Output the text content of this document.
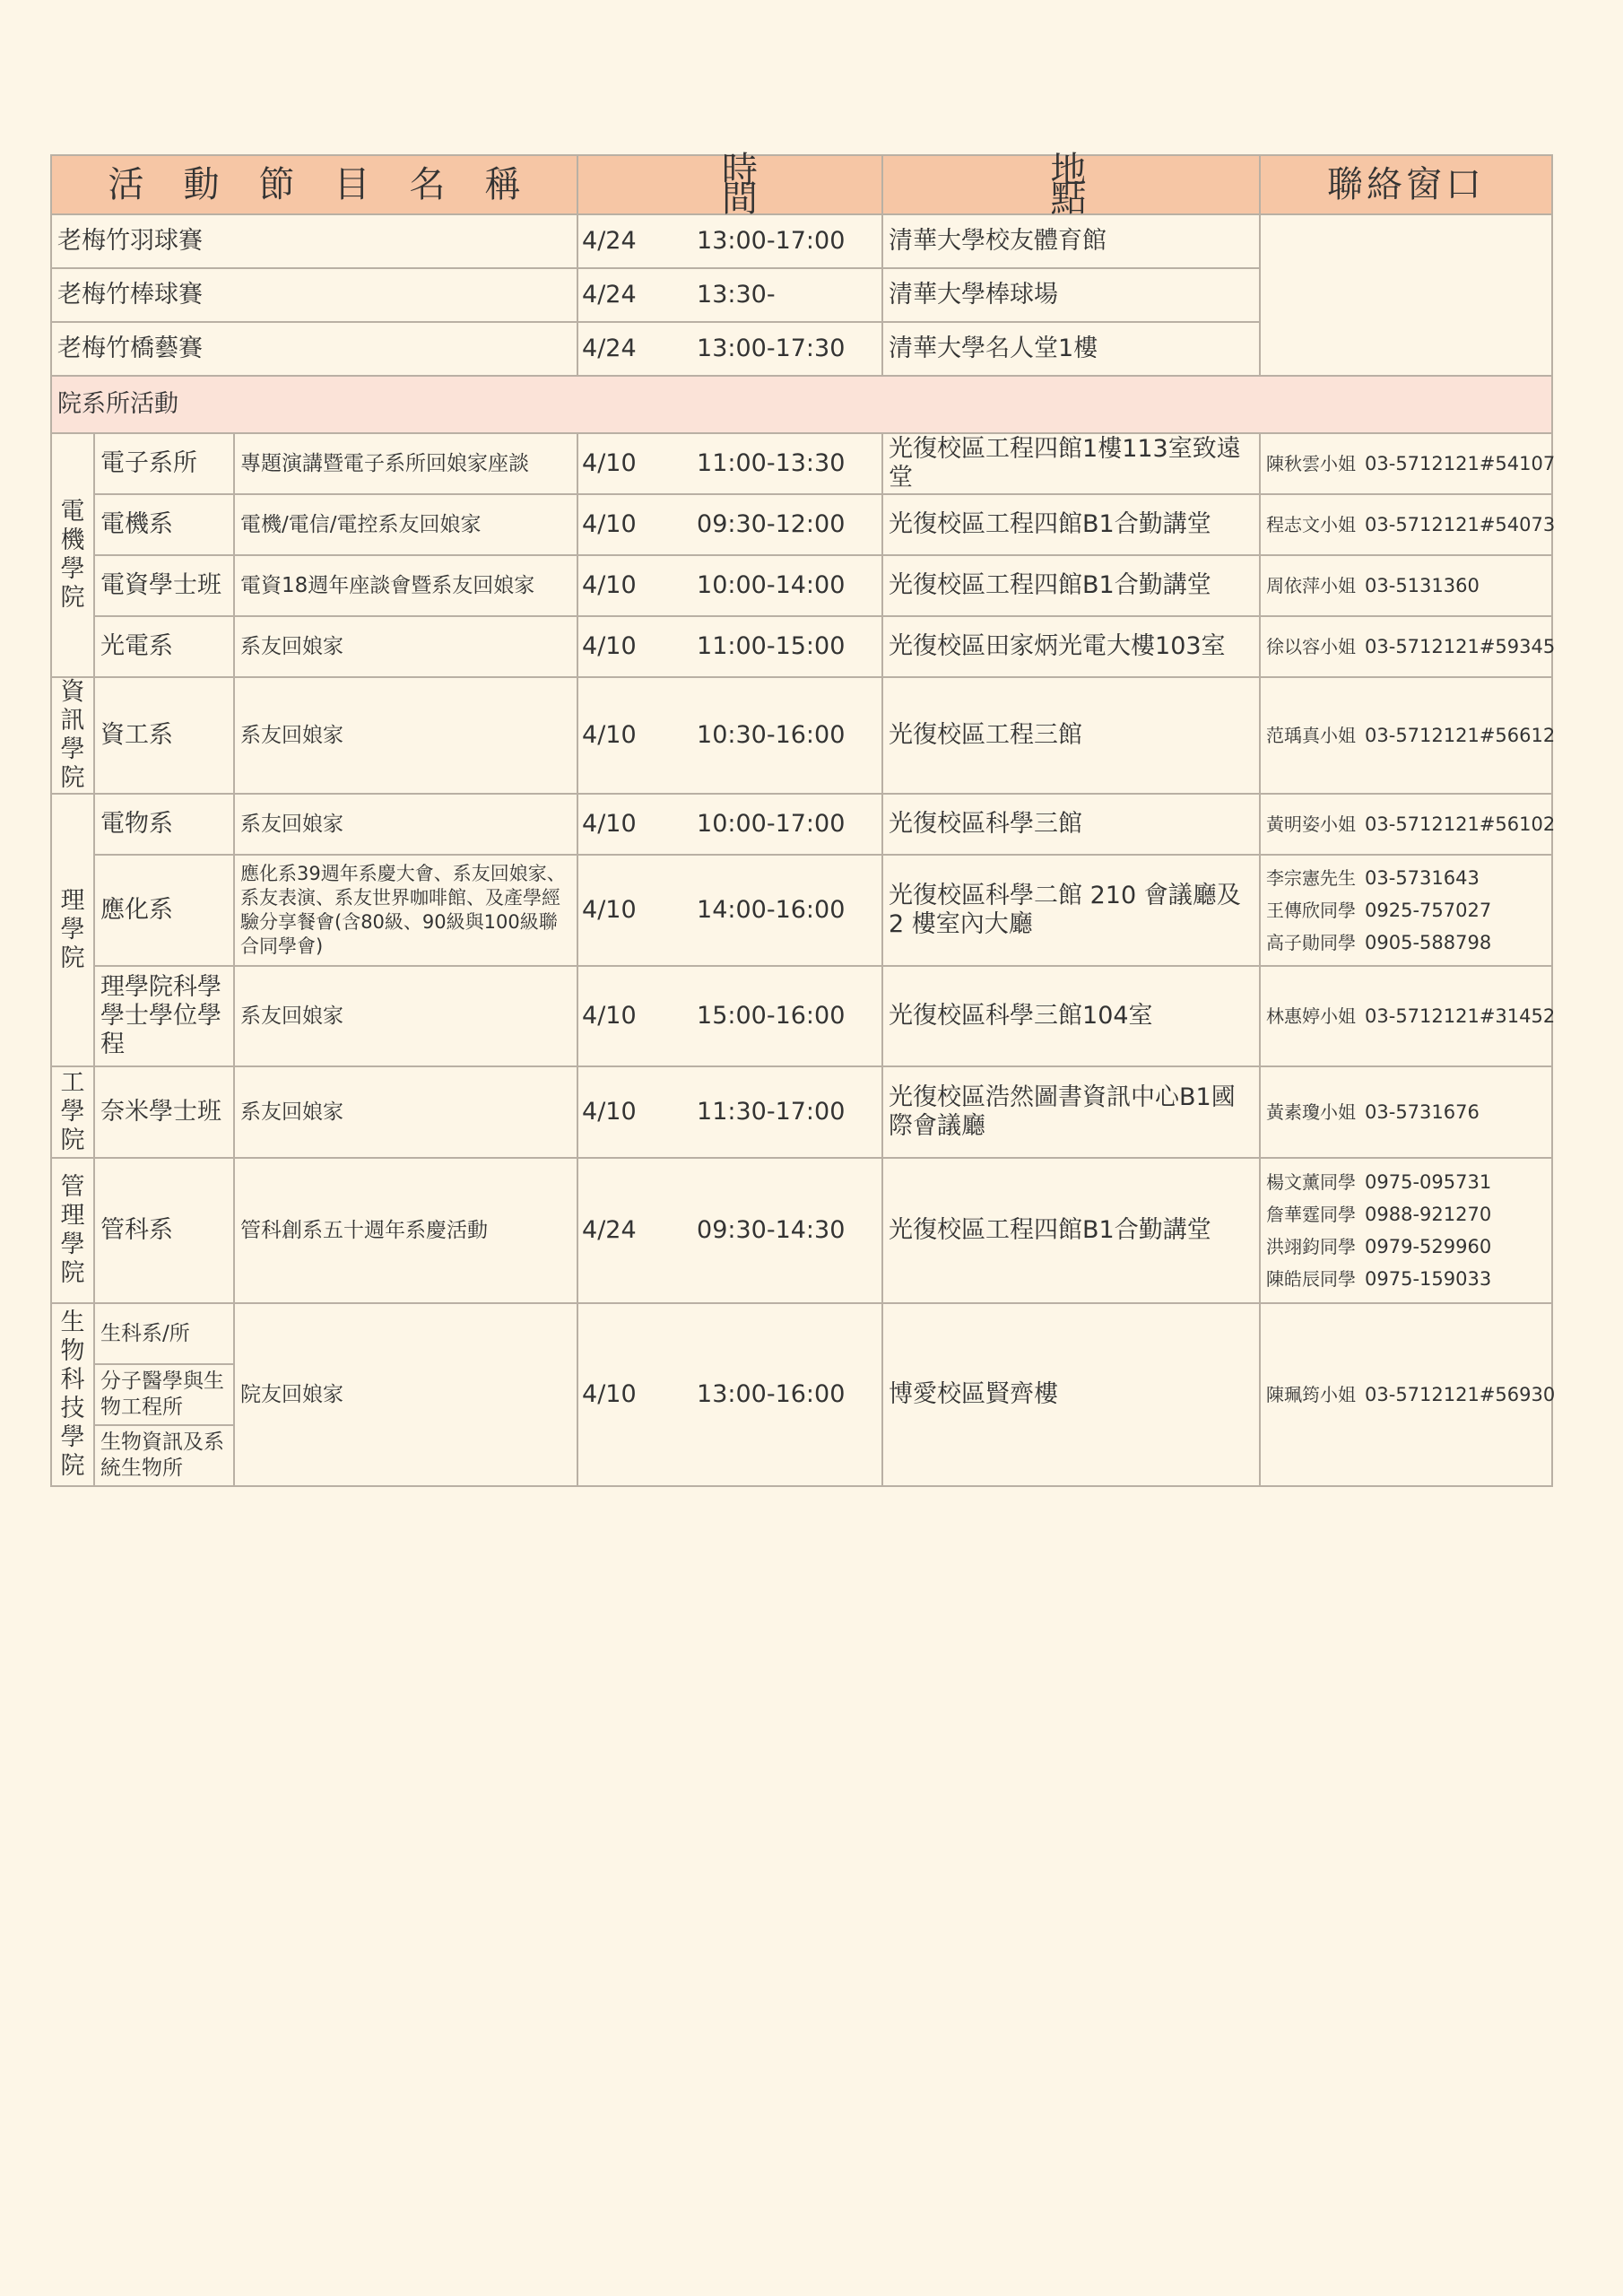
活動節目名稱			時間	地點	聯絡窗口
老梅竹羽球賽			4/24 13:00-17:00	清華大學校友體育館	
老梅竹棒球賽			4/24 13:30-	清華大學棒球場	
老梅竹橋藝賽			4/24 13:00-17:30	清華大學名人堂1樓	
院系所活動					

電機學院	電子系所	專題演講暨電子系所回娘家座談	4/10 11:00-13:30	光復校區工程四館1樓113室致遠堂	陳秋雲小姐 03-5712121#54107

	電機系	電機/電信/電控系友回娘家	4/10 09:30-12:00	光復校區工程四館B1合勤講堂	程志文小姐 03-5712121#54073

	電資學士班	電資18週年座談會暨系友回娘家	4/10 10:00-14:00	光復校區工程四館B1合勤講堂	周依萍小姐 03-5131360

	光電系	系友回娘家	4/10 11:00-15:00	光復校區田家炳光電大樓103室	徐以容小姐 03-5712121#59345

資訊學院	資工系	系友回娘家	4/10 10:30-16:00	光復校區工程三館	范瑀真小姐 03-5712121#56612

理學院	電物系	系友回娘家	4/10 10:00-17:00	光復校區科學三館	黃明姿小姐 03-5712121#56102

	應化系	應化系39週年系慶大會、系友回娘家、系友表演、系友世界咖啡館、及產學經驗分享餐會(含80級、90級與100級聯合同學會)	4/10 14:00-16:00	光復校區科學二館 210 會議廳及 2 樓室內大廳	李宗憲先生 03-5731643
王傳欣同學 0925-757027
高子勛同學 0905-588798

	理學院科學學士學位學程	系友回娘家	4/10 15:00-16:00	光復校區科學三館104室	林惠婷小姐 03-5712121#31452

工學院	奈米學士班	系友回娘家	4/10 11:30-17:00	光復校區浩然圖書資訊中心B1國際會議廳	黃素瓊小姐 03-5731676

管理學院	管科系	管科創系五十週年系慶活動	4/24 09:30-14:30	光復校區工程四館B1合勤講堂	楊文薰同學 0975-095731
詹華霆同學 0988-921270
洪翊鈞同學 0979-529960
陳皓辰同學 0975-159033

生物科技學院	生科系/所	院友回娘家	4/10 13:00-16:00	博愛校區賢齊樓	陳珮筠小姐 03-5712121#56930

	分子醫學與生物工程所				
	生物資訊及系統生物所				
